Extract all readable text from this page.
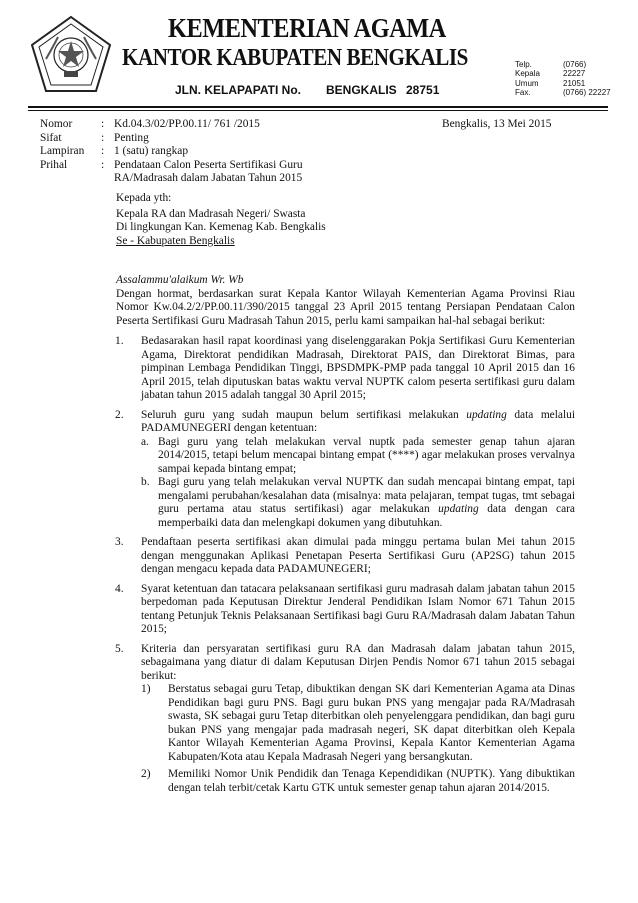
KEMENTERIAN AGAMA
KANTOR KABUPATEN BENGKALIS
JLN. KELAPAPATI No. BENGKALIS 28751
Telp.	(0766)
Kepala	22227
Umum	21051
Fax.	(0766) 22227
Nomor	:	Kd.04.3/02/PP.00.11/ 761 /2015
Sifat	:	Penting
Lampiran	:	1 (satu) rangkap
Prihal	:	Pendataan Calon Peserta Sertifikasi Guru
		RA/Madrasah dalam Jabatan Tahun 2015
Bengkalis, 13 Mei 2015
Kepada yth:
Kepala RA dan Madrasah Negeri/ Swasta
Di lingkungan Kan. Kemenag Kab. Bengkalis
Se - Kabupaten Bengkalis
Assalammu'alaikum Wr. Wb
Dengan hormat, berdasarkan surat Kepala Kantor Wilayah Kementerian Agama Provinsi Riau Nomor Kw.04.2/2/PP.00.11/390/2015 tanggal 23 April 2015 tentang Persiapan Pendataan Calon Peserta Sertifikasi Guru Madrasah Tahun 2015, perlu kami sampaikan hal-hal sebagai berikut:
1. Bedasarakan hasil rapat koordinasi yang diselenggarakan Pokja Sertifikasi Guru Kementerian Agama, Direktorat pendidikan Madrasah, Direktorat PAIS, dan Direktorat Bimas, para pimpinan Lembaga Pendidikan Tinggi, BPSDMPK-PMP pada tanggal 10 April 2015 dan 16 April 2015, telah diputuskan batas waktu verval NUPTK calom peserta sertifikasi guru dalam jabatan tahun 2015 adalah tanggal 30 April 2015;
2. Seluruh guru yang sudah maupun belum sertifikasi melakukan updating data melalui PADAMUNEGERI dengan ketentuan:
a. Bagi guru yang telah melakukan verval nuptk pada semester genap tahun ajaran 2014/2015, tetapi belum mencapai bintang empat (****) agar melakukan proses vervalnya sampai kepada bintang empat;
b. Bagi guru yang telah melakukan verval NUPTK dan sudah mencapai bintang empat, tapi mengalami perubahan/kesalahan data (misalnya: mata pelajaran, tempat tugas, tmt sebagai guru pertama atau status sertifikasi) agar melakukan updating data dengan cara memperbaiki data dan melengkapi dokumen yang dibutuhkan.
3. Pendaftaan peserta sertifikasi akan dimulai pada minggu pertama bulan Mei tahun 2015 dengan menggunakan Aplikasi Penetapan Peserta Sertifikasi Guru (AP2SG) tahun 2015 dengan mengacu kepada data PADAMUNEGERI;
4. Syarat ketentuan dan tatacara pelaksanaan sertifikasi guru madrasah dalam jabatan tahun 2015 berpedoman pada Keputusan Direktur Jenderal Pendidikan Islam Nomor 671 Tahun 2015 tentang Petunjuk Teknis Pelaksanaan Sertifikasi bagi Guru RA/Madrasah dalam Jabatan Tahun 2015;
5. Kriteria dan persyaratan sertifikasi guru RA dan Madrasah dalam jabatan tahun 2015, sebagaimana yang diatur di dalam Keputusan Dirjen Pendis Nomor 671 tahun 2015 sebagai berikut:
1) Berstatus sebagai guru Tetap, dibuktikan dengan SK dari Kementerian Agama ata Dinas Pendidikan bagi guru PNS. Bagi guru bukan PNS yang mengajar pada RA/Madrasah swasta, SK sebagai guru Tetap diterbitkan oleh penyelenggara pendidikan, dan bagi guru bukan PNS yang mengajar pada madrasah negeri, SK dapat diterbitkan oleh Kepala Kantor Wilayah Kementerian Agama Provinsi, Kepala Kantor Kementerian Agama Kabupaten/Kota atau Kepala Madrasah Negeri yang bersangkutan.
2) Memiliki Nomor Unik Pendidik dan Tenaga Kependidikan (NUPTK). Yang dibuktikan dengan telah terbit/cetak Kartu GTK untuk semester genap tahun ajaran 2014/2015.
